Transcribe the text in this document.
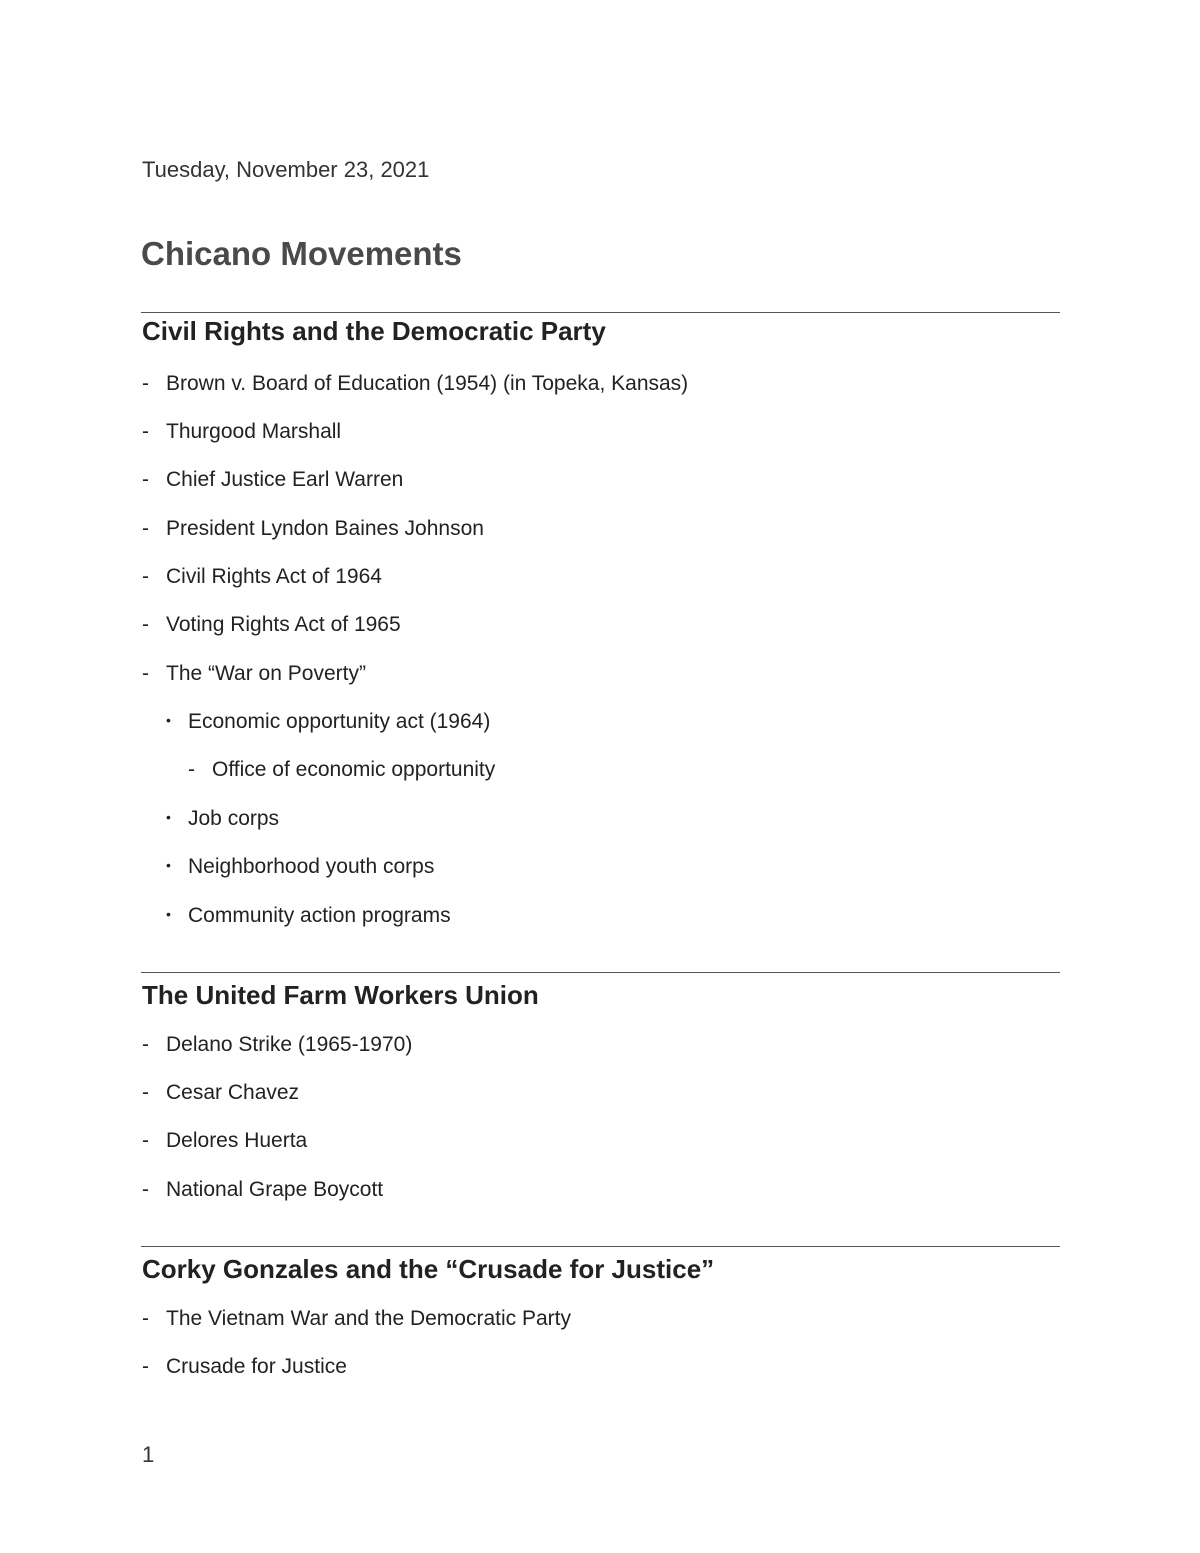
Tuesday, November 23, 2021
Chicano Movements
Civil Rights and the Democratic Party
- Brown v. Board of Education (1954) (in Topeka, Kansas)
- Thurgood Marshall
- Chief Justice Earl Warren
- President Lyndon Baines Johnson
- Civil Rights Act of 1964
- Voting Rights Act of 1965
- The “War on Poverty”
• Economic opportunity act (1964)
- Office of economic opportunity
• Job corps
• Neighborhood youth corps
• Community action programs
The United Farm Workers Union
- Delano Strike (1965-1970)
- Cesar Chavez
- Delores Huerta
- National Grape Boycott
Corky Gonzales and the “Crusade for Justice”
- The Vietnam War and the Democratic Party
- Crusade for Justice
1
